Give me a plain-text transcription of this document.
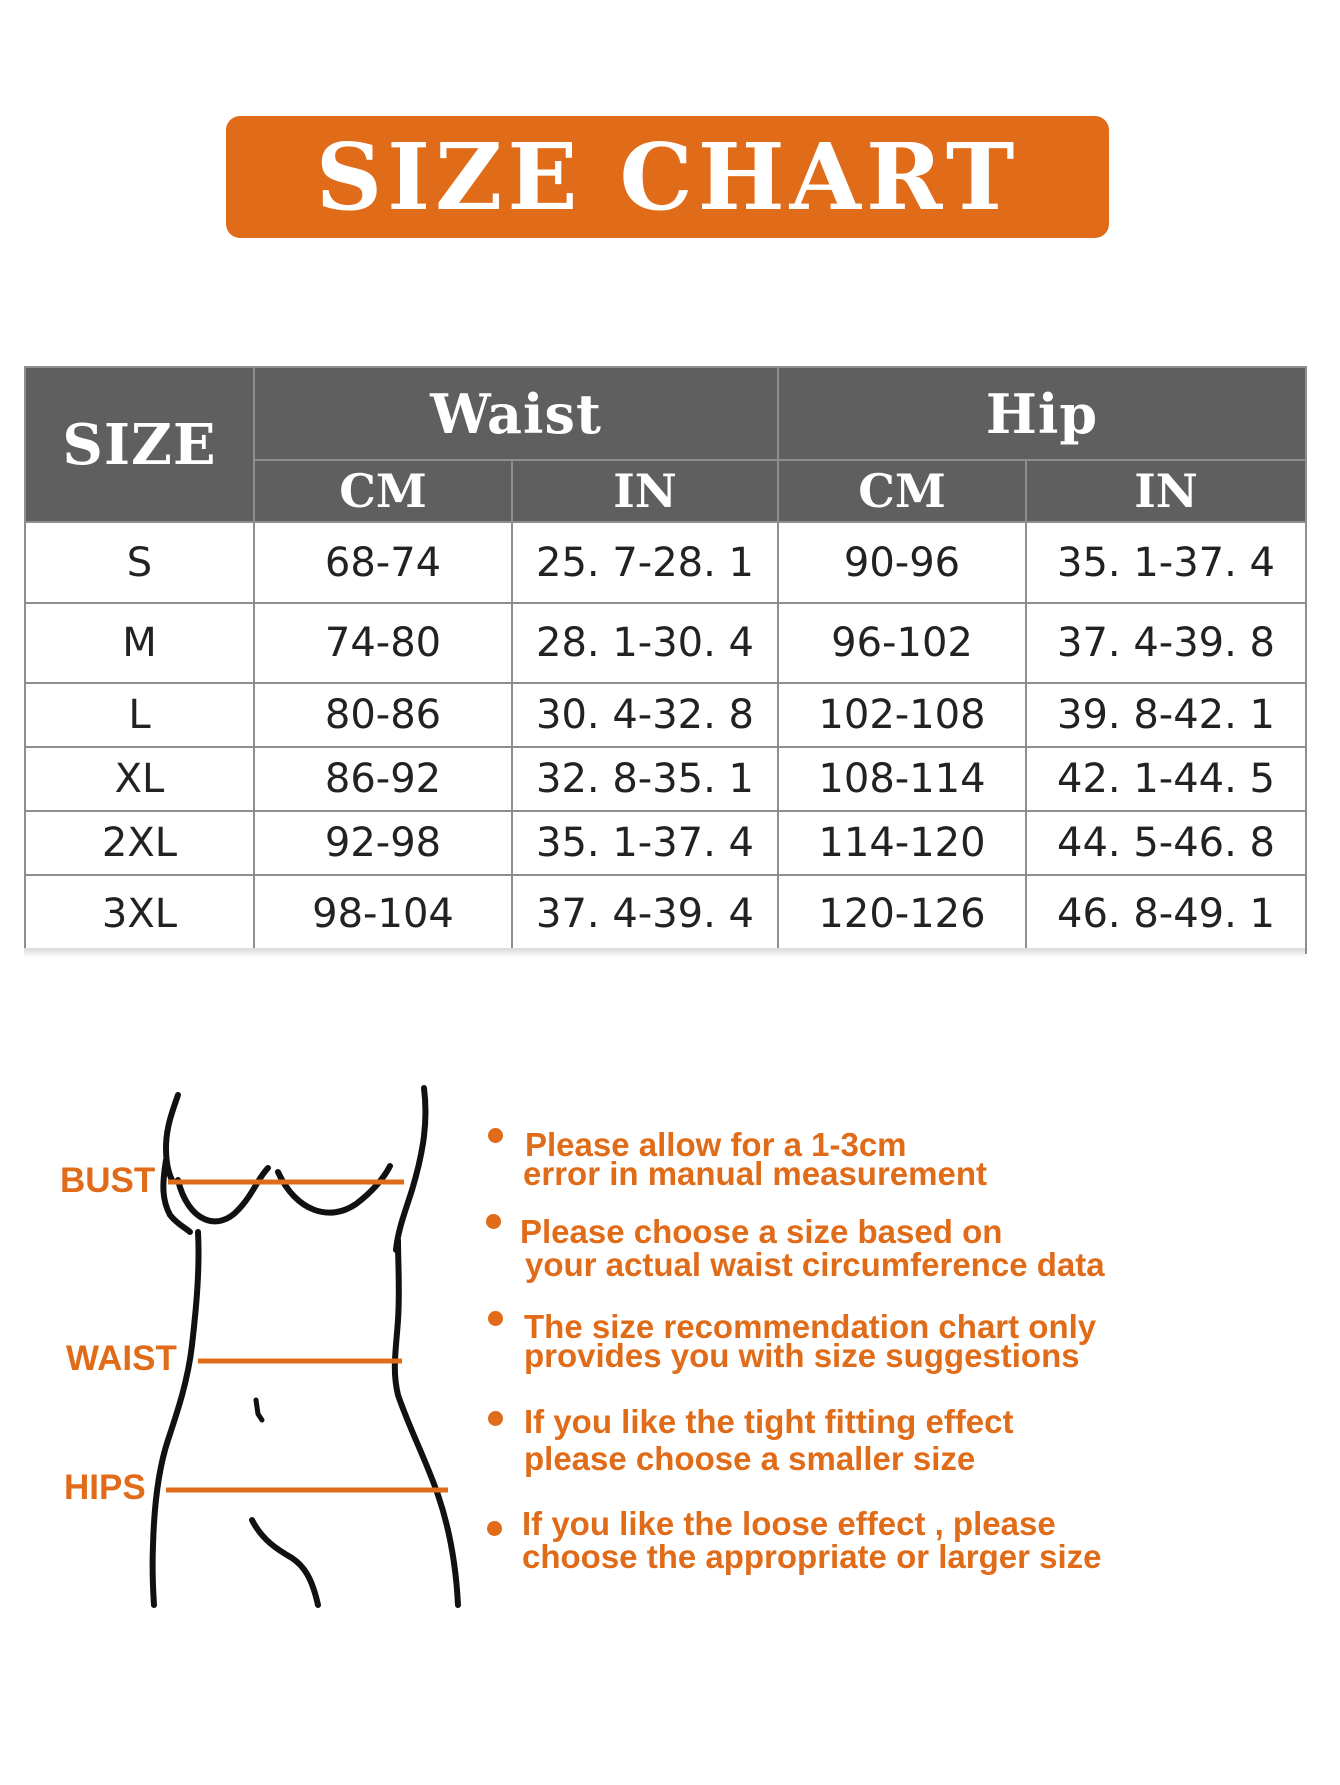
SIZE CHART
SIZE	Waist		Hip	
	CM	IN	CM	IN
S	68-74	25. 7-28. 1	90-96	35. 1-37. 4
M	74-80	28. 1-30. 4	96-102	37. 4-39. 8
L	80-86	30. 4-32. 8	102-108	39. 8-42. 1
XL	86-92	32. 8-35. 1	108-114	42. 1-44. 5
2XL	92-98	35. 1-37. 4	114-120	44. 5-46. 8
3XL	98-104	37. 4-39. 4	120-126	46. 8-49. 1
BUST
WAIST
HIPS
Please allow for a 1-3cm
error in manual measurement
Please choose a size based on
your actual waist circumference data
The size recommendation chart only
provides you with size suggestions
If you like the tight fitting effect
please choose a smaller size
If you like the loose effect , please
choose the appropriate or larger size
